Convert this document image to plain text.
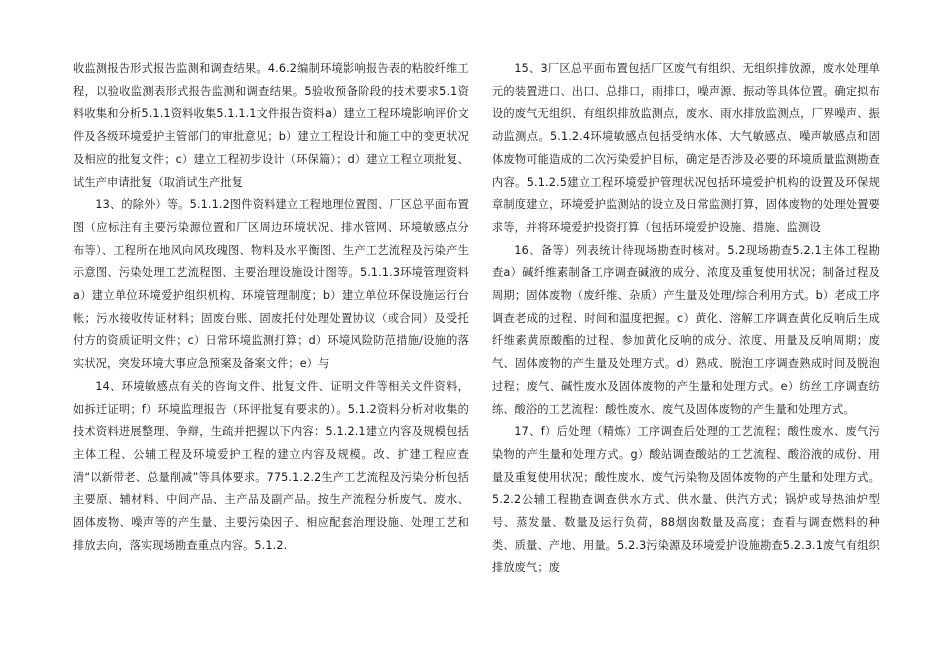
收监测报告形式报告监测和调查结果。4.6.2编制环境影响报告表的粘胶纤维工程，以验收监测表形式报告监测和调查结果。5验收预备阶段的技术要求5.1资料收集和分析5.1.1资料收集5.1.1.1文件报告资料a）建立工程环境影响评价文件及各级环境爱护主管部门的审批意见；b）建立工程设计和施工中的变更状况及相应的批复文件；c）建立工程初步设计（环保篇）；d）建立工程立项批复、试生产申请批复（取消试生产批复

13、的除外）等。5.1.1.2图件资料建立工程地理位置图、厂区总平面布置图（应标注有主要污染源位置和厂区周边环境状况、排水管网、环境敏感点分布等）、工程所在地风向风玫瑰图、物料及水平衡图、生产工艺流程及污染产生示意图、污染处理工艺流程图、主要治理设施设计图等。5.1.1.3环境管理资料a）建立单位环境爱护组织机构、环境管理制度；b）建立单位环保设施运行台帐；污水接收传证材料；固废台账、固废托付处理处置协议（或合同）及受托付方的资质证明文件；c）日常环境监测打算；d）环境风险防范措施/设施的落实状况，突发环境大事应急预案及备案文件；e）与

14、环境敏感点有关的咨询文件、批复文件、证明文件等相关文件资料，如拆迁证明；f）环境监理报告（环评批复有要求的）。5.1.2资料分析对收集的技术资料进展整理、争辩，生疏并把握以下内容：5.1.2.1建立内容及规模包括主体工程、公辅工程及环境爱护工程的建立内容及规模。改、扩建工程应查清“以新带老、总量削减”等具体要求。775.1.2.2生产工艺流程及污染分析包括主要原、辅材料、中间产品、主产品及副产品。按生产流程分析废气、废水、固体废物、噪声等的产生量、主要污染因子、相应配套治理设施、处理工艺和排放去向，落实现场勘查重点内容。5.1.2.

15、3厂区总平面布置包括厂区废气有组织、无组织排放源，废水处理单元的装置进口、出口、总排口，雨排口，噪声源、振动等具体位置。确定拟布设的废气无组织、有组织排放监测点，废水、雨水排放监测点，厂界噪声、振动监测点。5.1.2.4环境敏感点包括受纳水体、大气敏感点、噪声敏感点和固体废物可能造成的二次污染爱护目标，确定是否涉及必要的环境质量监测勘查内容。5.1.2.5建立工程环境爱护管理状况包括环境爱护机构的设置及环保规章制度建立，环境爱护监测站的设立及日常监测打算，固体废物的处理处置要求等，并将环境爱护投资打算（包括环境爱护设施、措施、监测设

16、备等）列表统计待现场勘查时核对。5.2现场勘查5.2.1主体工程勘查a）碱纤维素制备工序调查碱液的成分、浓度及重复使用状况；制备过程及周期；固体废物（废纤维、杂质）产生量及处理/综合利用方式。b）老成工序调查老成的过程、时间和温度把握。c）黄化、溶解工序调查黄化反响后生成纤维素黄原酸酯的过程、参加黄化反响的成分、浓度、用量及反响周期；废气、固体废物的产生量及处理方式。d）熟成、脱泡工序调查熟成时间及脱泡过程；废气、碱性废水及固体废物的产生量和处理方式。e）纺丝工序调查纺练、酸浴的工艺流程：酸性废水、废气及固体废物的产生量和处理方式。

17、f）后处理（精炼）工序调查后处理的工艺流程；酸性废水、废气污染物的产生量和处理方式。g）酸站调查酸站的工艺流程、酸浴液的成份、用量及重复使用状况；酸性废水、废气污染物及固体废物的产生量和处理方式。5.2.2公辅工程勘查调查供水方式、供水量、供汽方式；锅炉或导热油炉型号、蒸发量、数量及运行负荷，88烟囱数量及高度；查看与调查燃料的种类、质量、产地、用量。5.2.3污染源及环境爱护设施勘查5.2.3.1废气有组织排放废气；废
